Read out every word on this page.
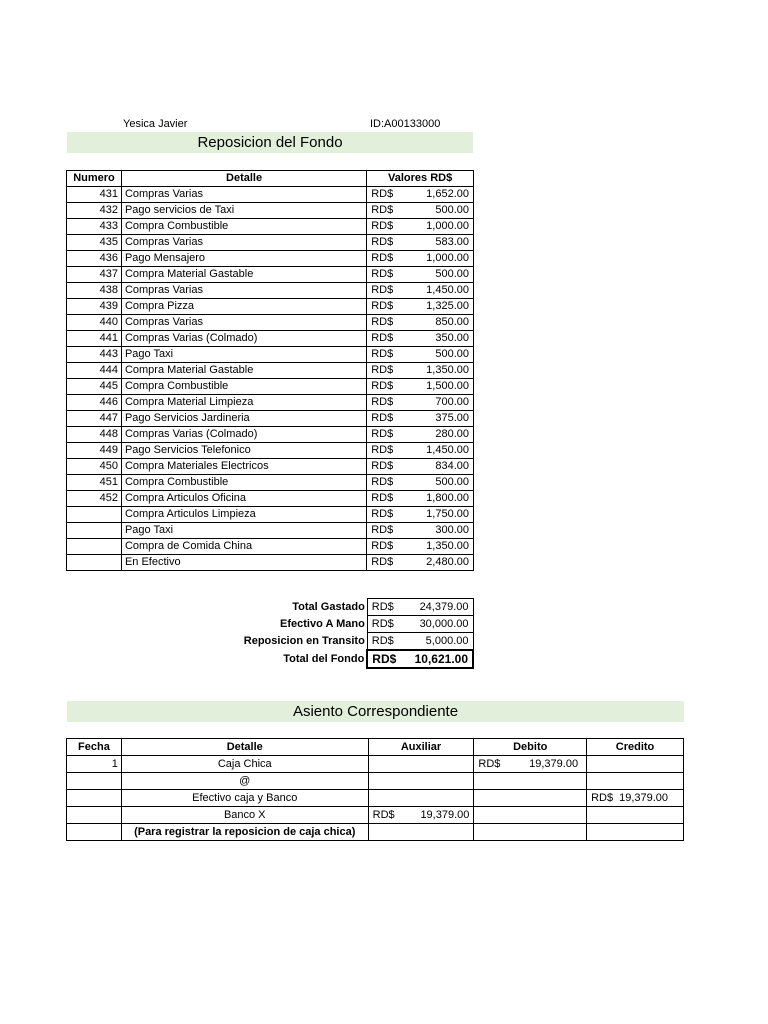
Yesica Javier	ID:A00133000
Reposicion del Fondo
Numero	Detalle	Valores RD$
431	Compras Varias	RD$ 1,652.00

432	Pago servicios de Taxi	RD$ 500.00

433	Compra Combustible	RD$ 1,000.00

435	Compras Varias	RD$ 583.00

436	Pago Mensajero	RD$ 1,000.00

437	Compra Material Gastable	RD$ 500.00

438	Compras Varias	RD$ 1,450.00

439	Compra Pizza	RD$ 1,325.00

440	Compras Varias	RD$ 850.00

441	Compras Varias (Colmado)	RD$ 350.00

443	Pago Taxi	RD$ 500.00

444	Compra Material Gastable	RD$ 1,350.00

445	Compra Combustible	RD$ 1,500.00

446	Compra Material Limpieza	RD$ 700.00

447	Pago Servicios Jardineria	RD$ 375.00

448	Compras Varias (Colmado)	RD$ 280.00

449	Pago Servicios Telefonico	RD$ 1,450.00

450	Compra Materiales Electricos	RD$ 834.00

451	Compra Combustible	RD$ 500.00

452	Compra Articulos Oficina	RD$ 1,800.00

	Compra Articulos Limpieza	RD$ 1,750.00

	Pago Taxi	RD$ 300.00

	Compra de Comida China	RD$ 1,350.00

	En Efectivo	RD$ 2,480.00
Total Gastado	RD$ 24,379.00

Efectivo A Mano	RD$ 30,000.00

Reposicion en Transito	RD$ 5,000.00

Total del Fondo	RD$ 10,621.00
Asiento Correspondiente
Fecha	Detalle	Auxiliar	Debito	Credito
1	Caja Chica		RD$ 19,379.00	

	@	

	Efectivo caja y Banco			RD$ 19,379.00

	Banco X	RD$ 19,379.00		

	(Para registrar la reposicion de caja chica)	
